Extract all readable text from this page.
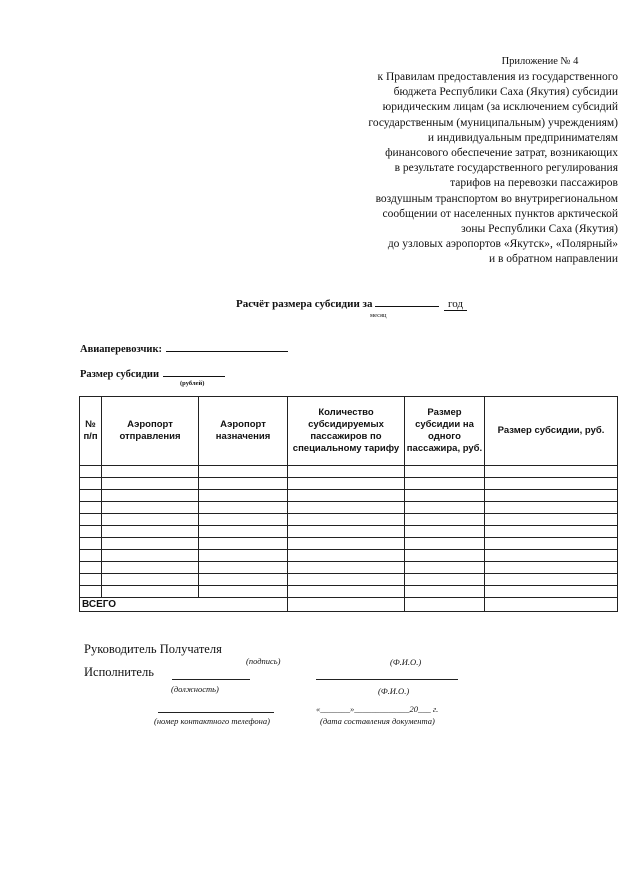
Приложение № 4
к Правилам предоставления из государственного
бюджета Республики Саха (Якутия) субсидии
юридическим лицам (за исключением субсидий
государственным (муниципальным) учреждениям)
и индивидуальным предпринимателям
финансового обеспечение затрат, возникающих
в результате государственного регулирования
тарифов на перевозки пассажиров
воздушным транспортом во внутрирегиональном
сообщении от населенных пунктов арктической
зоны Республики Саха (Якутия)
до узловых аэропортов «Якутск», «Полярный»
и в обратном направлении
Расчёт размера субсидии за	год
месяц
Авиаперевозчик:
Размер субсидии
(рублей)
№ п/п	Аэропорт отправления	Аэропорт назначения	Количество субсидируемых пассажиров по специальному тарифу	Размер субсидии на одного пассажира, руб.	Размер субсидии, руб.

ВСЕГО					
Руководитель Получателя
(подпись)	(Ф.И.О.)
Исполнитель
(должность)	(Ф.И.О.)
«_______»_____________20___ г.
(номер контактного телефона)	(дата составления документа)
